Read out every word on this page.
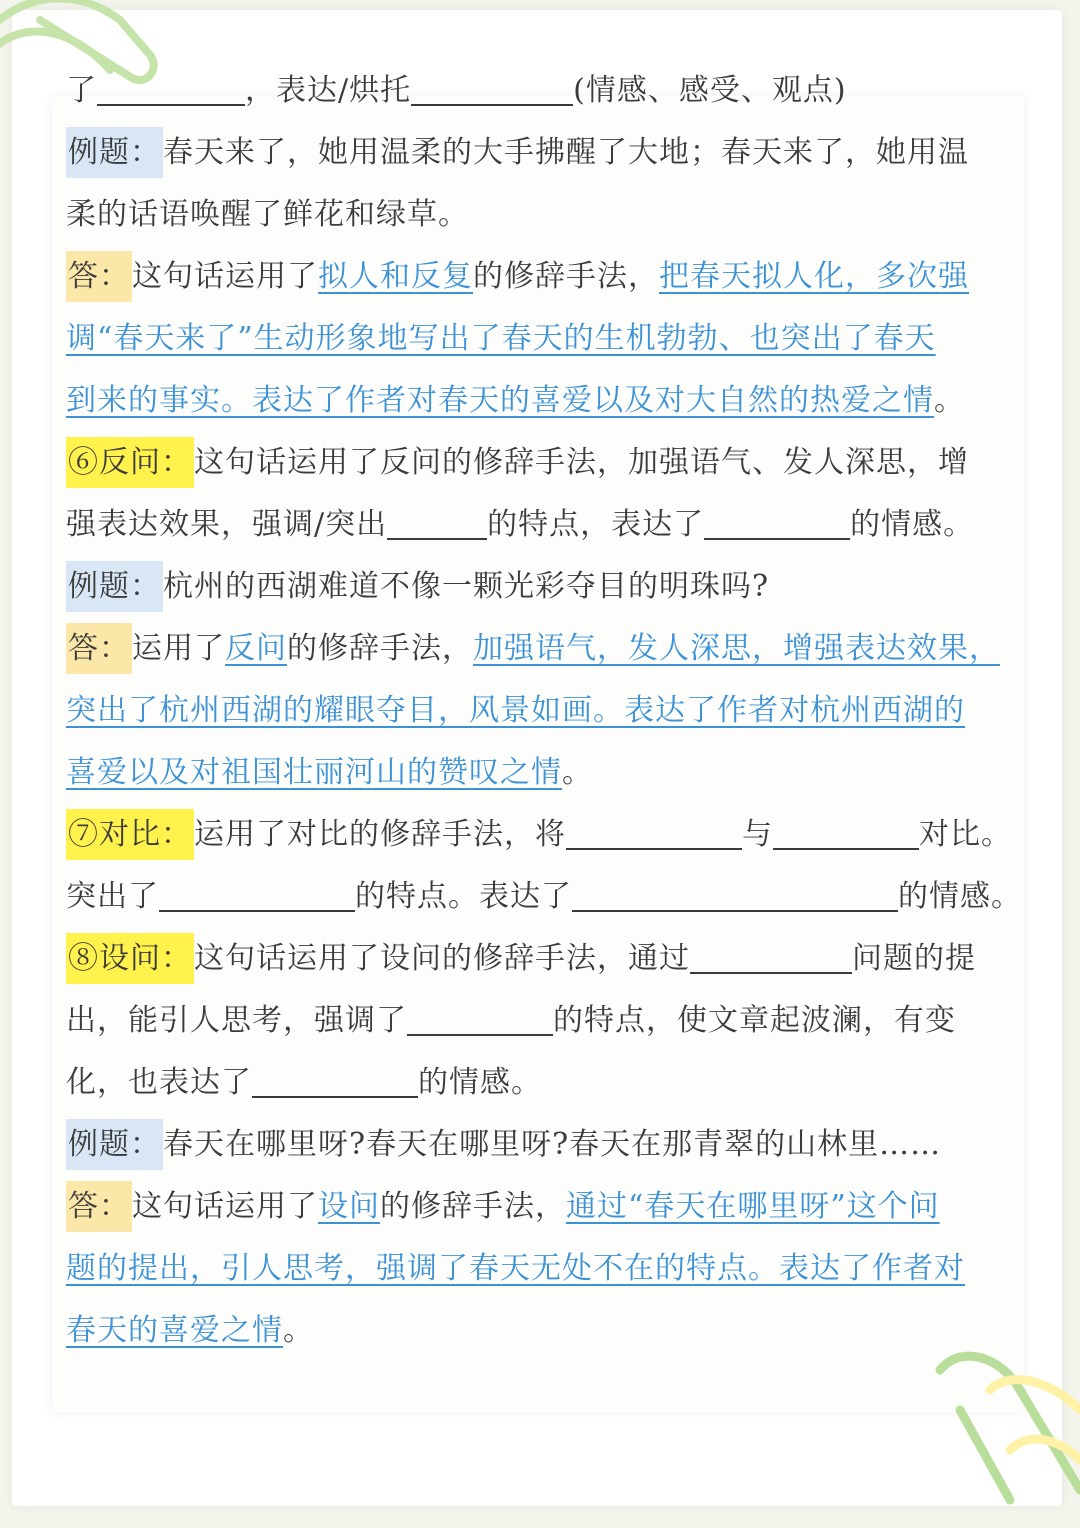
了	，表达/烘托	(情感、感受、观点)
例题：春天来了，她用温柔的大手拂醒了大地；春天来了，她用温
柔的话语唤醒了鲜花和绿草。
答：这句话运用了拟人和反复的修辞手法，把春天拟人化，多次强
调“春天来了”生动形象地写出了春天的生机勃勃、也突出了春天
到来的事实。表达了作者对春天的喜爱以及对大自然的热爱之情。
⑥反问：这句话运用了反问的修辞手法，加强语气、发人深思，增
强表达效果，强调/突出	的特点，表达了	的情感。
例题：杭州的西湖难道不像一颗光彩夺目的明珠吗?
答：运用了反问的修辞手法，加强语气，发人深思，增强表达效果，
突出了杭州西湖的耀眼夺目，风景如画。表达了作者对杭州西湖的
喜爱以及对祖国壮丽河山的赞叹之情。
⑦对比：运用了对比的修辞手法，将	与	对比。
突出了	的特点。表达了	的情感。
⑧设问：这句话运用了设问的修辞手法，通过	问题的提
出，能引人思考，强调了	的特点，使文章起波澜，有变
化，也表达了	的情感。
例题：春天在哪里呀?春天在哪里呀?春天在那青翠的山林里……
答：这句话运用了设问的修辞手法，通过“春天在哪里呀”这个问
题的提出，引人思考，强调了春天无处不在的特点。表达了作者对
春天的喜爱之情。
